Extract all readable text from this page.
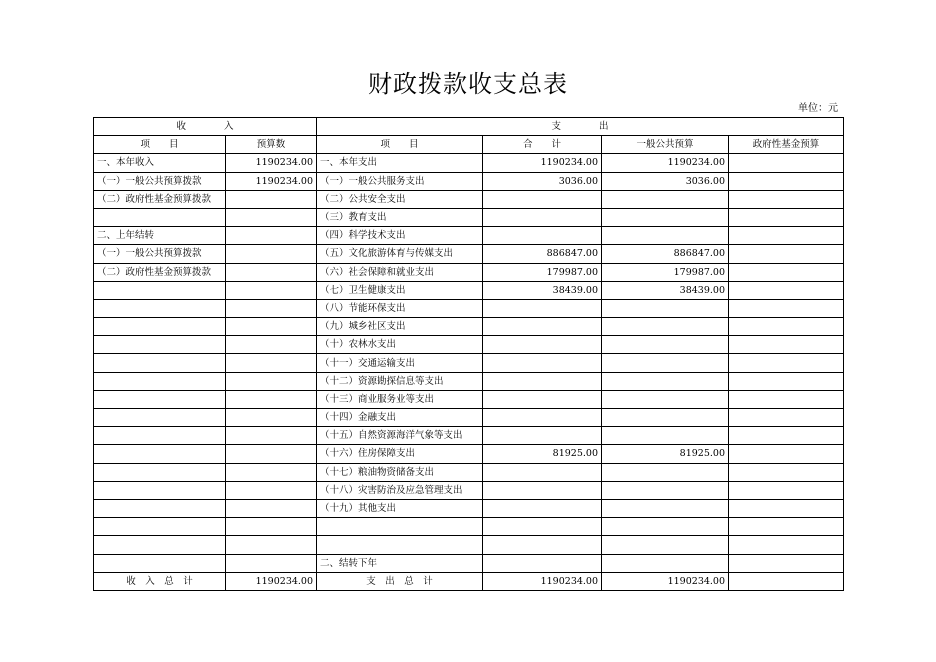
财政拨款收支总表
单位：元
收　　　　入		支　　　　出			
项　　目	预算数	项　　目	合　　计	一般公共预算	政府性基金预算
一、本年收入	1190234.00	一、本年支出	1190234.00	1190234.00	
（一）一般公共预算拨款	1190234.00	（一）一般公共服务支出	3036.00	3036.00	
（二）政府性基金预算拨款		（二）公共安全支出			
		（三）教育支出			
二、上年结转		（四）科学技术支出			
（一）一般公共预算拨款		（五）文化旅游体育与传媒支出	886847.00	886847.00	
（二）政府性基金预算拨款		（六）社会保障和就业支出	179987.00	179987.00	
		（七）卫生健康支出	38439.00	38439.00	
		（八）节能环保支出			
		（九）城乡社区支出			
		（十）农林水支出			
		（十一）交通运输支出			
		（十二）资源勘探信息等支出			
		（十三）商业服务业等支出			
		（十四）金融支出			
		（十五）自然资源海洋气象等支出			
		（十六）住房保障支出	81925.00	81925.00	
		（十七）粮油物资储备支出			
		（十八）灾害防治及应急管理支出			
		（十九）其他支出			

		二、结转下年			
收　入　总　计	1190234.00	支　出　总　计	1190234.00	1190234.00	
